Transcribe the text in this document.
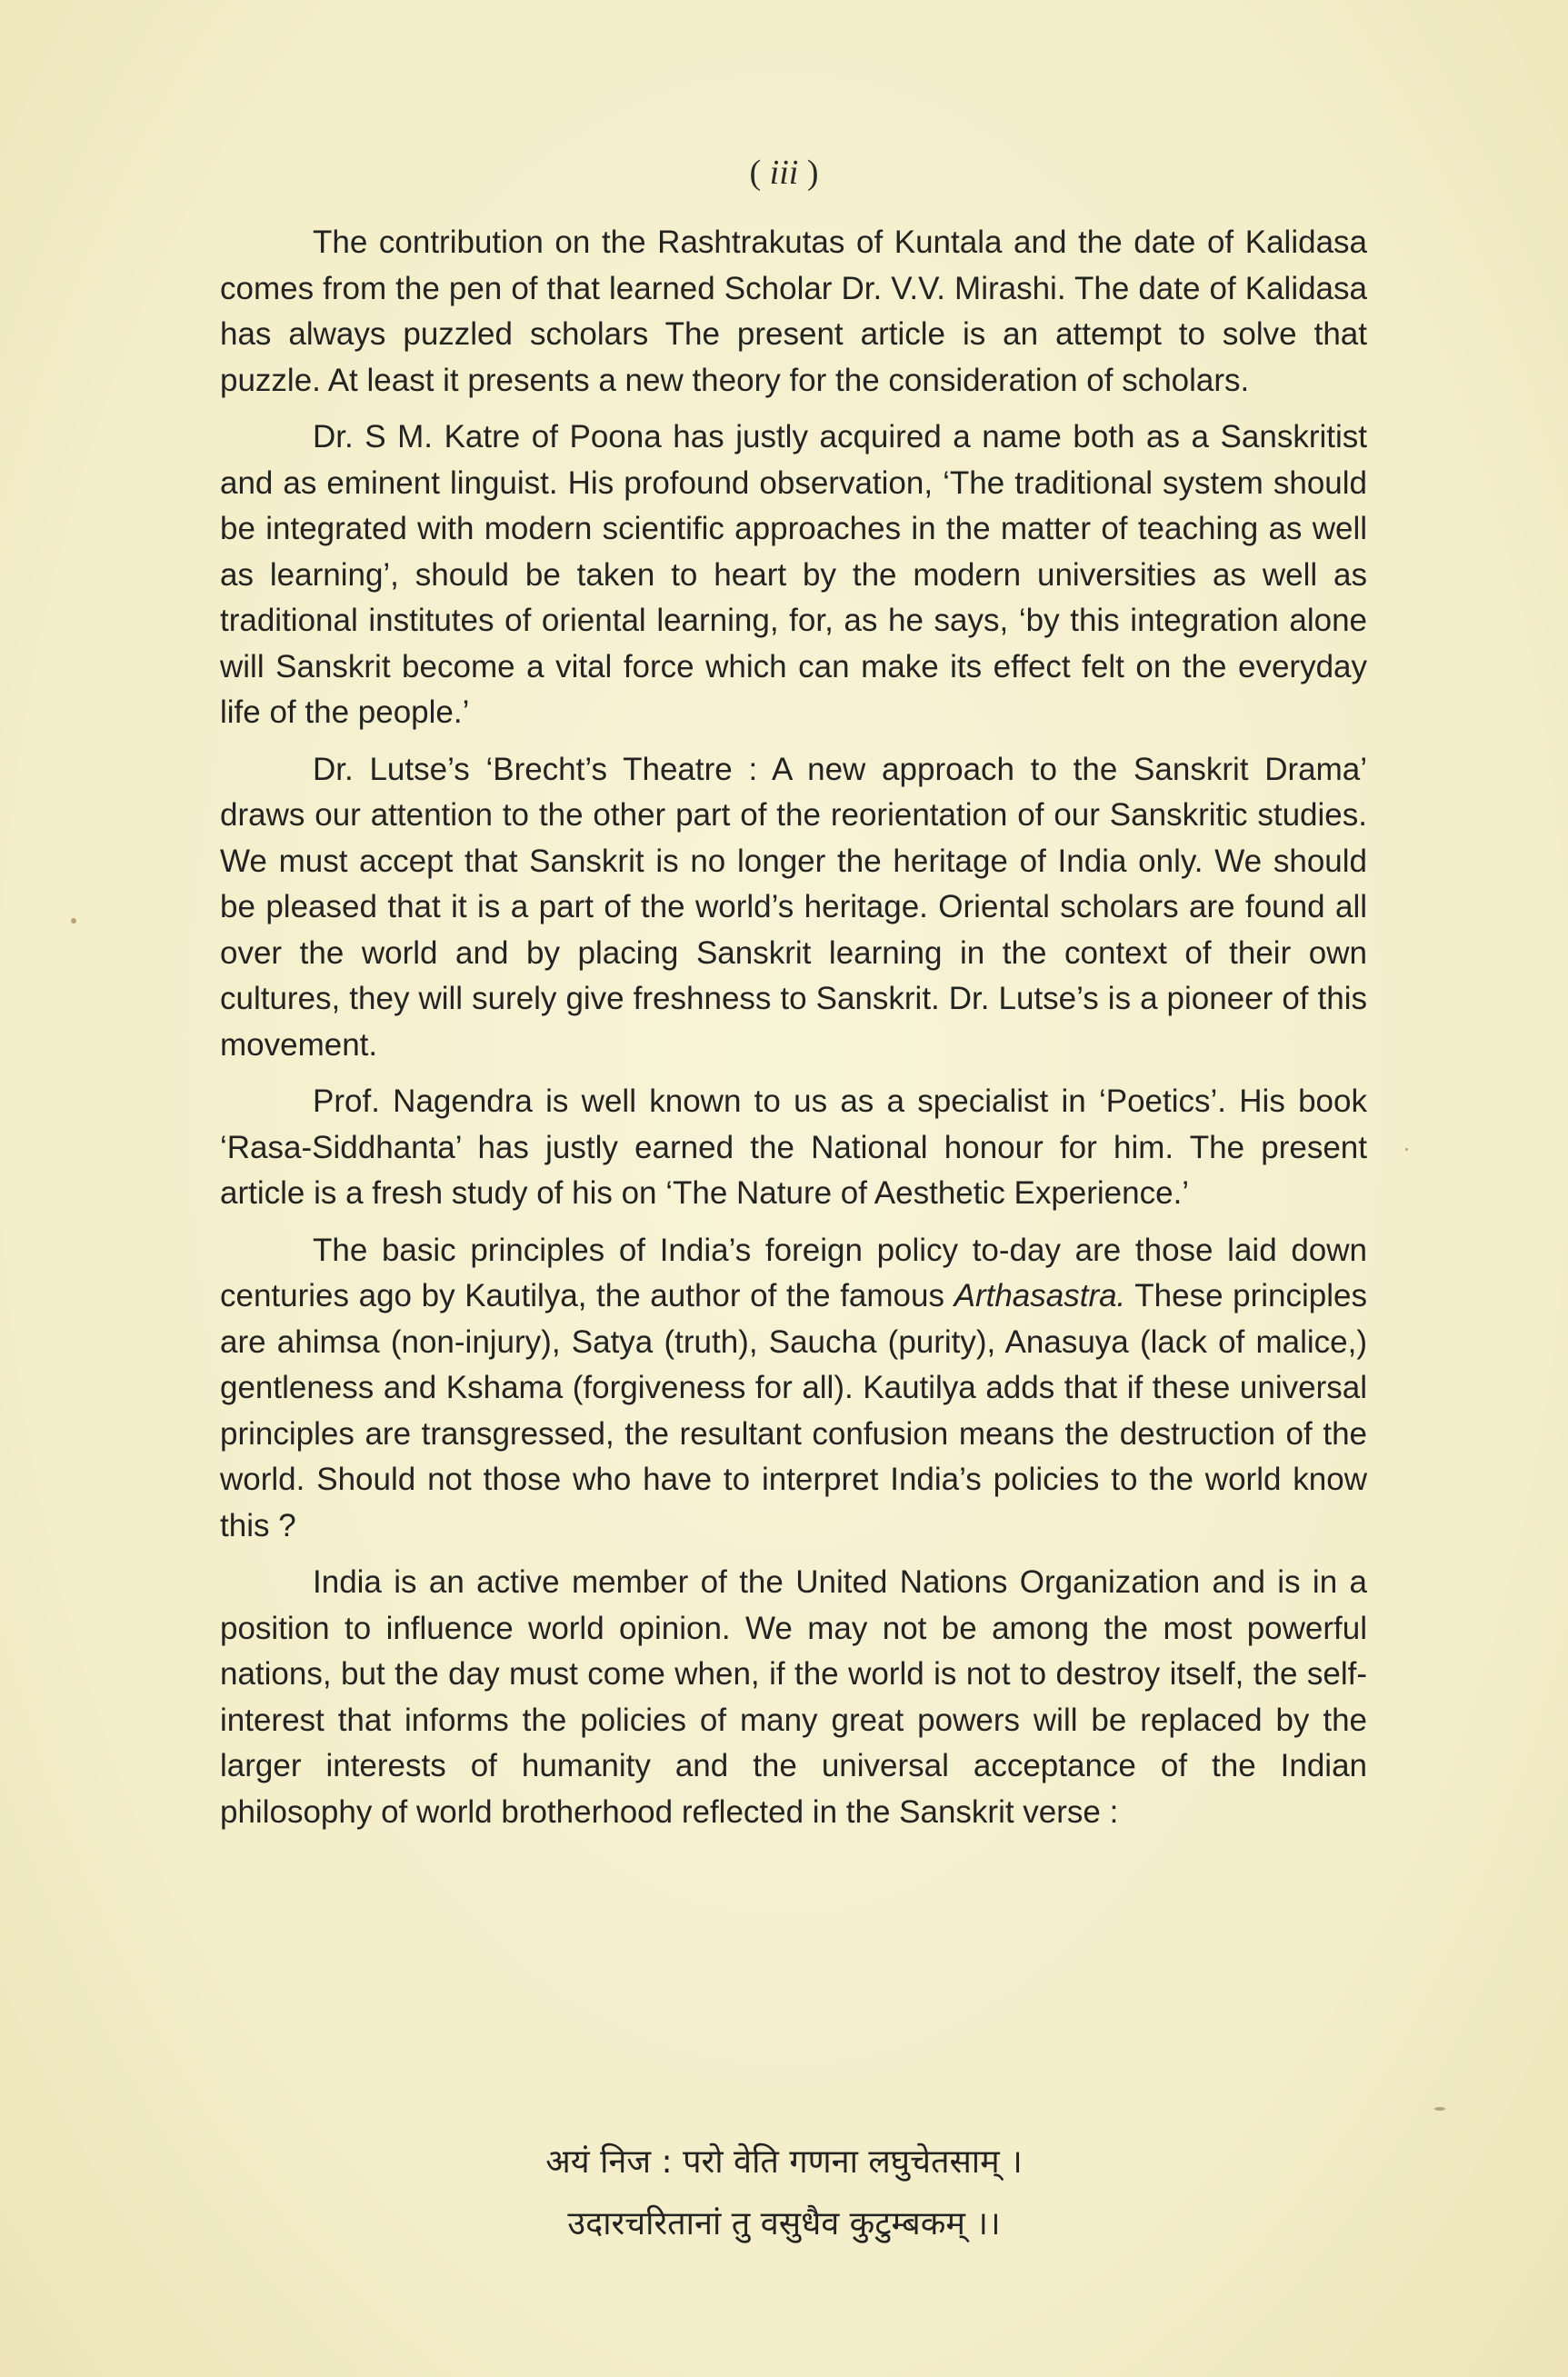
( iii )

The contribution on the Rashtrakutas of Kuntala and the date of Kalidasa comes from the pen of that learned Scholar Dr. V.V. Mirashi. The date of Kalidasa has always puzzled scholars The present article is an attempt to solve that puzzle. At least it presents a new theory for the consideration of scholars.

Dr. S M. Katre of Poona has justly acquired a name both as a Sanskritist and as eminent linguist. His profound observation, ‘The traditional system should be integrated with modern scientific approaches in the matter of teaching as well as learning’, should be taken to heart by the modern universities as well as traditional institutes of oriental learning, for, as he says, ‘by this integration alone will Sanskrit become a vital force which can make its effect felt on the everyday life of the people.’

Dr. Lutse’s ‘Brecht’s Theatre : A new approach to the Sanskrit Drama’ draws our attention to the other part of the reorientation of our Sanskritic studies. We must accept that Sanskrit is no longer the heritage of India only. We should be pleased that it is a part of the world’s heritage. Oriental scholars are found all over the world and by placing Sanskrit learning in the context of their own cultures, they will surely give freshness to Sanskrit. Dr. Lutse’s is a pioneer of this movement.

Prof. Nagendra is well known to us as a specialist in ‘Poetics’. His book ‘Rasa-Siddhanta’ has justly earned the National honour for him. The present article is a fresh study of his on ‘The Nature of Aesthetic Experience.’

The basic principles of India’s foreign policy to-day are those laid down centuries ago by Kautilya, the author of the famous Arthasastra. These principles are ahimsa (non-injury), Satya (truth), Saucha (purity), Anasuya (lack of malice,) gentleness and Kshama (forgiveness for all). Kautilya adds that if these universal principles are transgressed, the resultant confusion means the destruction of the world. Should not those who have to interpret India’s policies to the world know this ?

India is an active member of the United Nations Organization and is in a position to influence world opinion. We may not be among the most powerful nations, but the day must come when, if the world is not to destroy itself, the self-interest that informs the policies of many great powers will be replaced by the larger interests of humanity and the universal acceptance of the Indian philosophy of world brotherhood reflected in the Sanskrit verse :

अयं निज : परो वेति गणना लघुचेतसाम् ।
उदारचरितानां तु वसुधैव कुटुम्बकम् ।।
